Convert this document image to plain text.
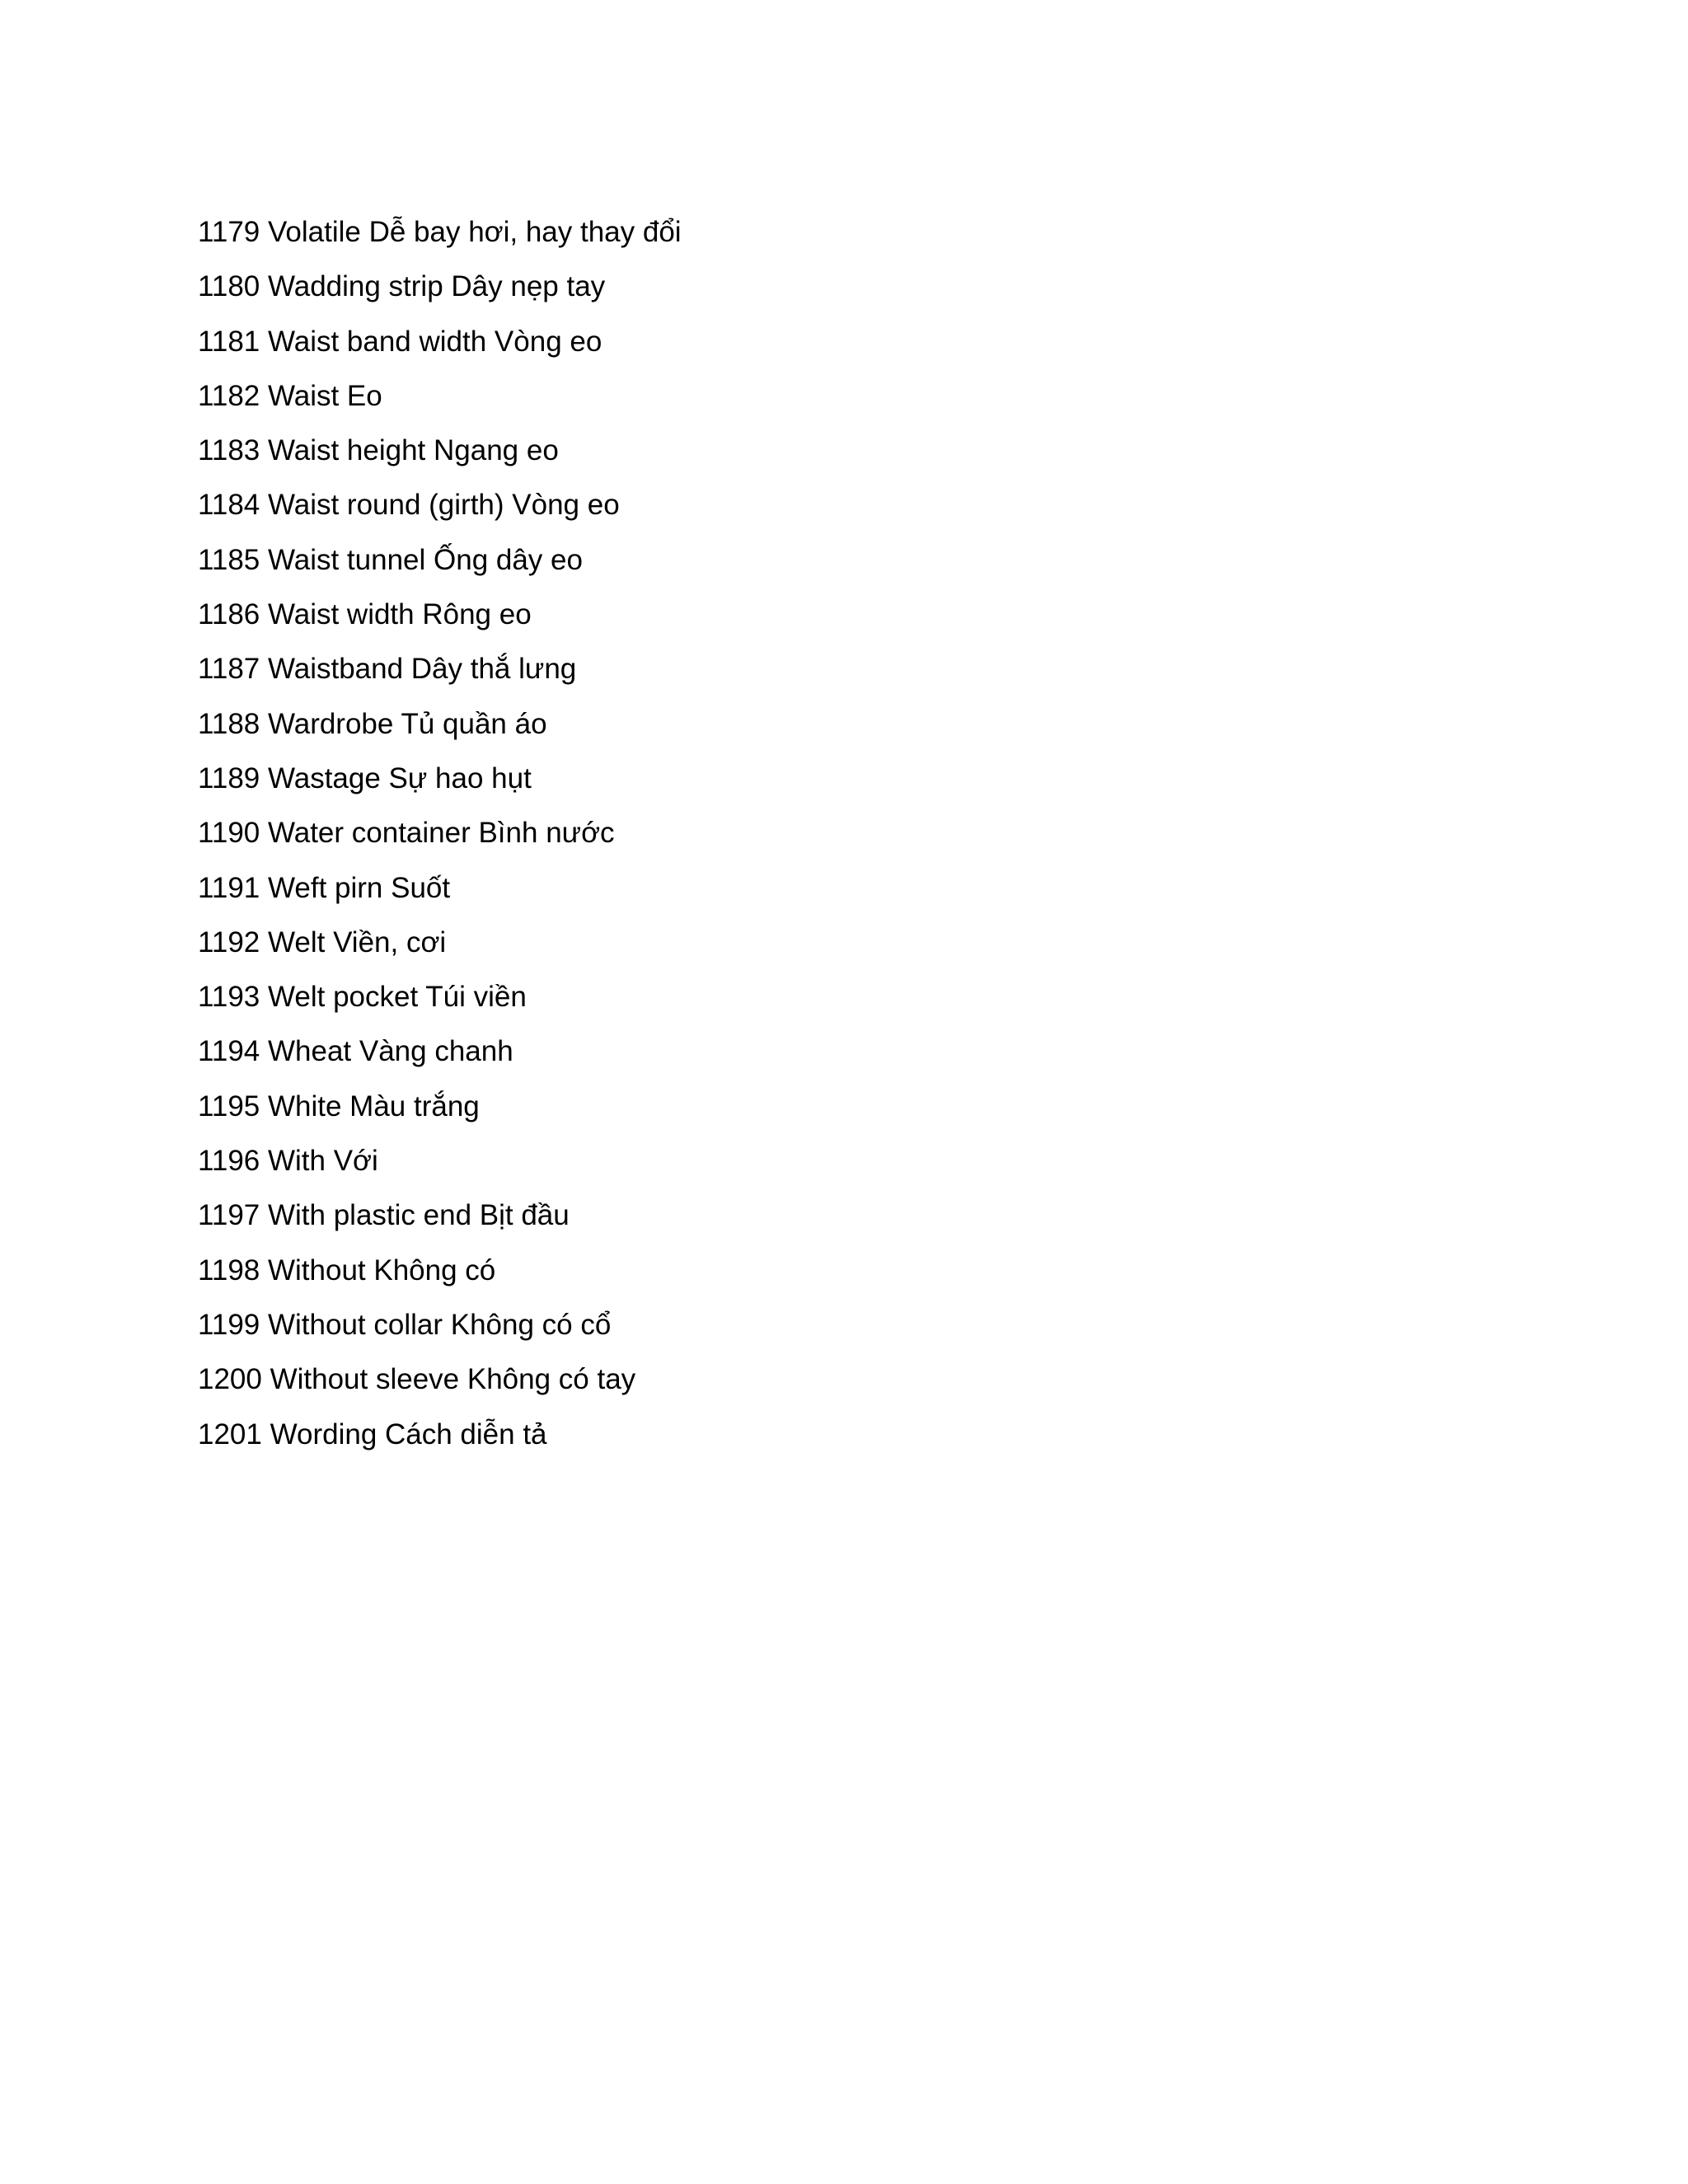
1179 Volatile Dễ bay hơi, hay thay đổi
1180 Wadding strip Dây nẹp tay
1181 Waist band width Vòng eo
1182 Waist Eo
1183 Waist height Ngang eo
1184 Waist round (girth) Vòng eo
1185 Waist tunnel Ống dây eo
1186 Waist width Rông eo
1187 Waistband Dây thắ lưng
1188 Wardrobe Tủ quần áo
1189 Wastage Sự hao hụt
1190 Water container Bình nước
1191 Weft pirn Suốt
1192 Welt Viền, cơi
1193 Welt pocket Túi viền
1194 Wheat Vàng chanh
1195 White Màu trắng
1196 With Với
1197 With plastic end Bịt đầu
1198 Without Không có
1199 Without collar Không có cổ
1200 Without sleeve Không có tay
1201 Wording Cách diễn tả
